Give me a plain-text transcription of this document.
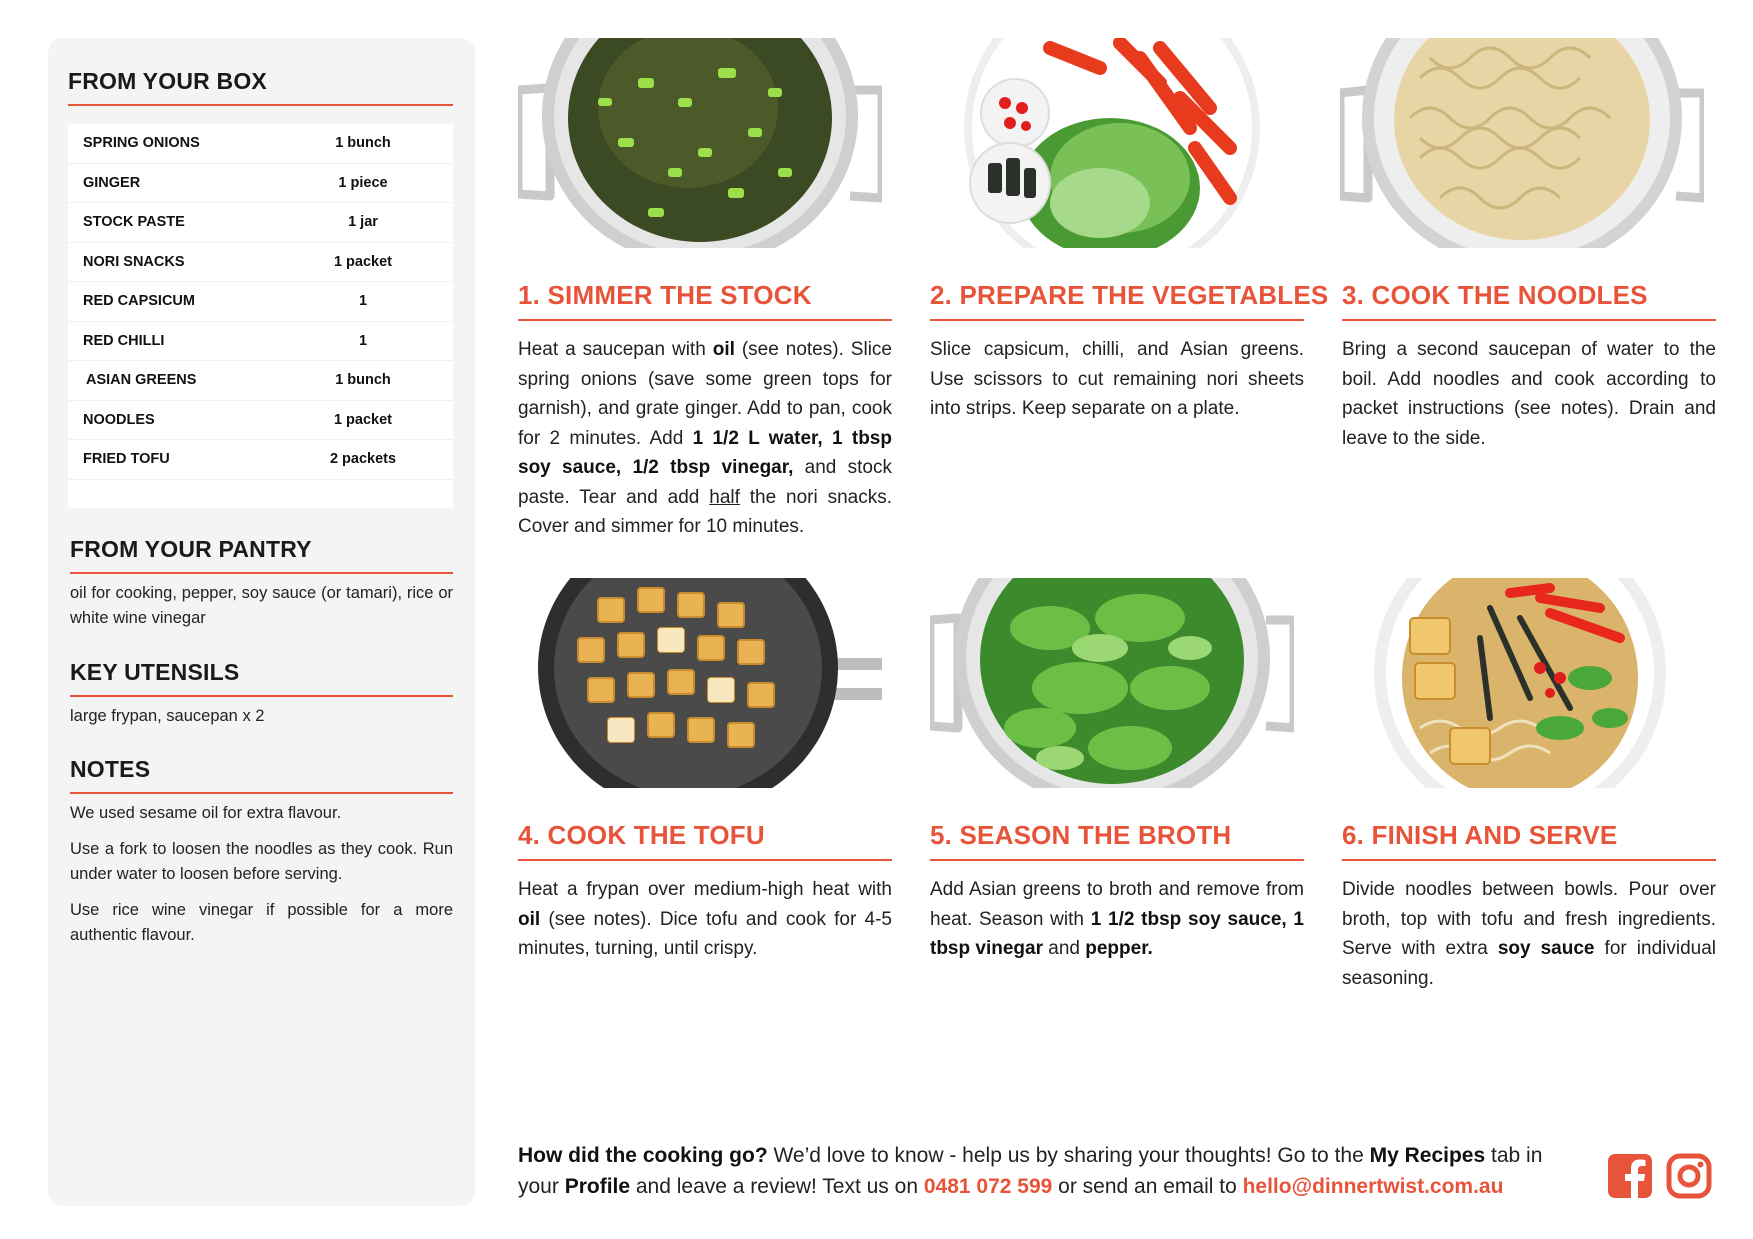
FROM YOUR BOX
SPRING ONIONS	1 bunch
GINGER	1 piece
STOCK PASTE	1 jar
NORI SNACKS	1 packet
RED CAPSICUM	1
RED CHILLI	1
ASIAN GREENS	1 bunch
NOODLES	1 packet
FRIED TOFU	2 packets
FROM YOUR PANTRY
oil for cooking, pepper, soy sauce (or tamari), rice or white wine vinegar
KEY UTENSILS
large frypan, saucepan x 2
NOTES

We used sesame oil for extra flavour.

Use a fork to loosen the noodles as they cook. Run under water to loosen before serving.

Use rice wine vinegar if possible for a more authentic flavour.

1. SIMMER THE STOCK
Heat a saucepan with oil (see notes). Slice spring onions (save some green tops for garnish), and grate ginger. Add to pan, cook for 2 minutes. Add 1 1/2 L water, 1 tbsp soy sauce, 1/2 tbsp vinegar, and stock paste. Tear and add half the nori snacks. Cover and simmer for 10 minutes.
2. PREPARE THE VEGETABLES
Slice capsicum, chilli, and Asian greens. Use scissors to cut remaining nori sheets into strips. Keep separate on a plate.
3. COOK THE NOODLES
Bring a second saucepan of water to the boil. Add noodles and cook according to packet instructions (see notes). Drain and leave to the side.
4. COOK THE TOFU
Heat a frypan over medium-high heat with oil (see notes). Dice tofu and cook for 4-5 minutes, turning, until crispy.
5. SEASON THE BROTH
Add Asian greens to broth and remove from heat. Season with 1 1/2 tbsp soy sauce, 1 tbsp vinegar and pepper.
6. FINISH AND SERVE
Divide noodles between bowls. Pour over broth, top with tofu and fresh ingredients. Serve with extra soy sauce for individual seasoning.
How did the cooking go? We’d love to know - help us by sharing your thoughts! Go to the My Recipes tab in your Profile and leave a review! Text us on 0481 072 599 or send an email to hello@dinnertwist.com.au
